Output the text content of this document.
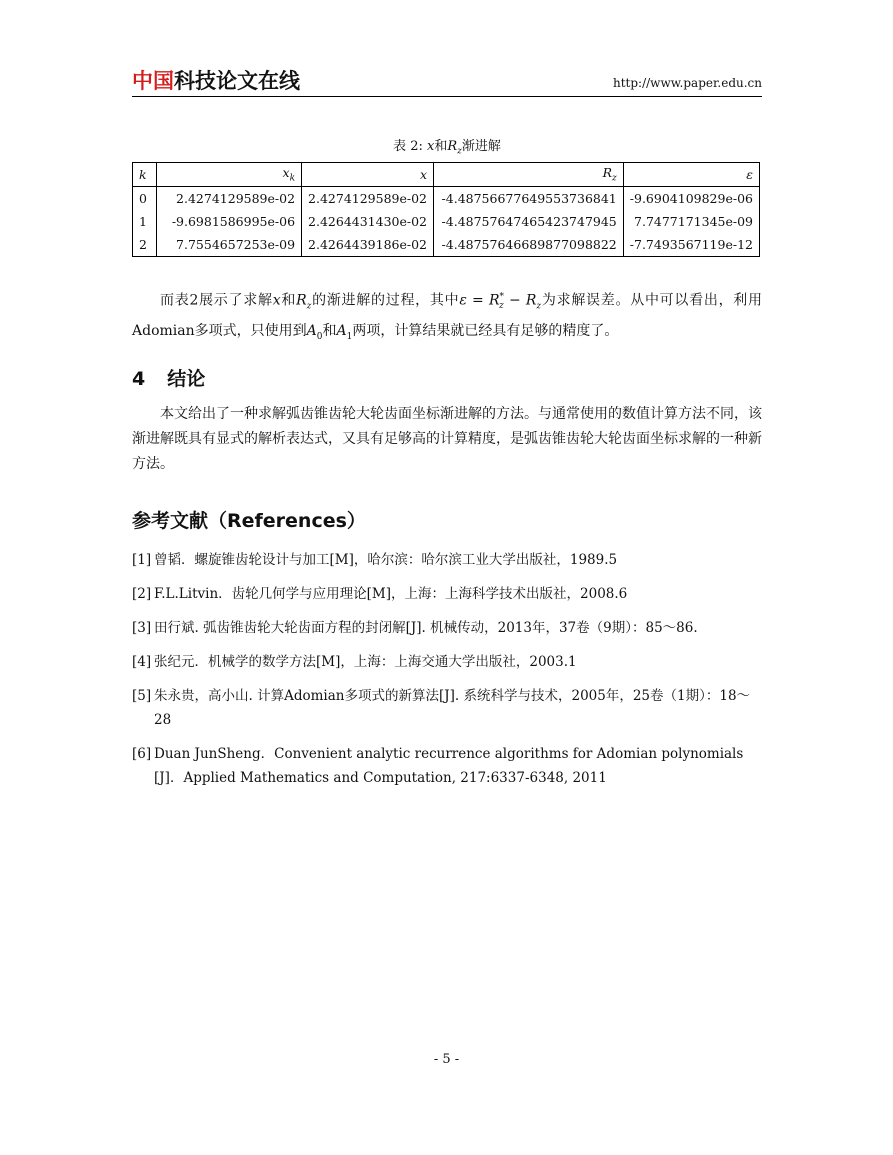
中国科技论文在线	http://www.paper.edu.cn
表 2: x和$R_z$渐进解
k	$x_k$	x	$R_z$	ε
0	2.4274129589e-02	2.4274129589e-02	-4.48756677649553736841	-9.6904109829e-06
1	-9.6981586995e-06	2.4264431430e-02	-4.48757647465423747945	7.7477171345e-09
2	7.7554657253e-09	2.4264439186e-02	-4.48757646689877098822	-7.7493567119e-12
而表2展示了求解x和$R_z$的渐进解的过程，其中$\varepsilon = R^*_z - R_z$为求解误差。从中可以看出，利用Adomian多项式，只使用到$A_0$和$A_1$两项，计算结果就已经具有足够的精度了。
4 结论
本文给出了一种求解弧齿锥齿轮大轮齿面坐标渐进解的方法。与通常使用的数值计算方法不同，该渐进解既具有显式的解析表达式，又具有足够高的计算精度，是弧齿锥齿轮大轮齿面坐标求解的一种新方法。
参考文献（References）
[1] 曾韬．螺旋锥齿轮设计与加工[M]，哈尔滨：哈尔滨工业大学出版社，1989.5
[2] F.L.Litvin．齿轮几何学与应用理论[M]，上海：上海科学技术出版社，2008.6
[3] 田行斌. 弧齿锥齿轮大轮齿面方程的封闭解[J]. 机械传动，2013年，37卷（9期）：85～86.
[4] 张纪元．机械学的数学方法[M]，上海：上海交通大学出版社，2003.1
[5] 朱永贵，高小山. 计算Adomian多项式的新算法[J]. 系统科学与技术，2005年，25卷（1期）：18～28
[6] Duan JunSheng．Convenient analytic recurrence algorithms for Adomian polynomials [J]．Applied Mathematics and Computation, 217:6337-6348, 2011
- 5 -
